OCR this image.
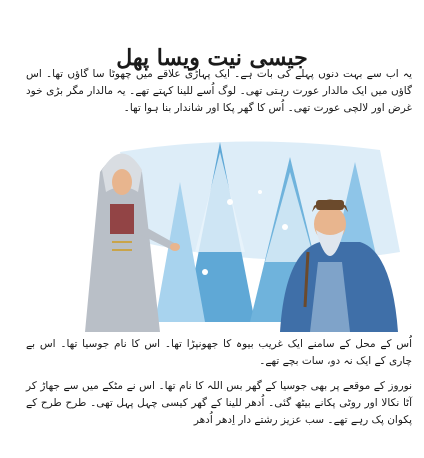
جیسی نیت ویسا پھل

یہ اب سے بہت دنوں پہلے کی بات ہے۔ ایک پہاڑی علاقے میں چھوٹا سا گاؤں تھا۔ اس گاؤں میں ایک مالدار عورت رہتی تھی۔ لوگ اُسے للینا کہتے تھے۔ یہ مالدار مگر بڑی خود غرض اور لالچی عورت تھی۔ اُس کا گھر پکا اور شاندار بنا ہوا تھا۔

اُس کے محل کے سامنے ایک غریب بیوہ کا جھونپڑا تھا۔ اس کا نام جوسیا تھا۔ اس بے چاری کے ایک نہ دو، سات بچے تھے۔

نوروز کے موقعے پر بھی جوسیا کے گھر بس اللہ کا نام تھا۔ اس نے مٹکے میں سے جھاڑ کر آٹا نکالا اور روٹی پکانے بیٹھ گئی۔ اُدھر للینا کے گھر کیسی چہل پہل تھی۔ طرح طرح کے پکوان پک رہے تھے۔ سب عزیز رشتے دار اِدھر اُدھر
